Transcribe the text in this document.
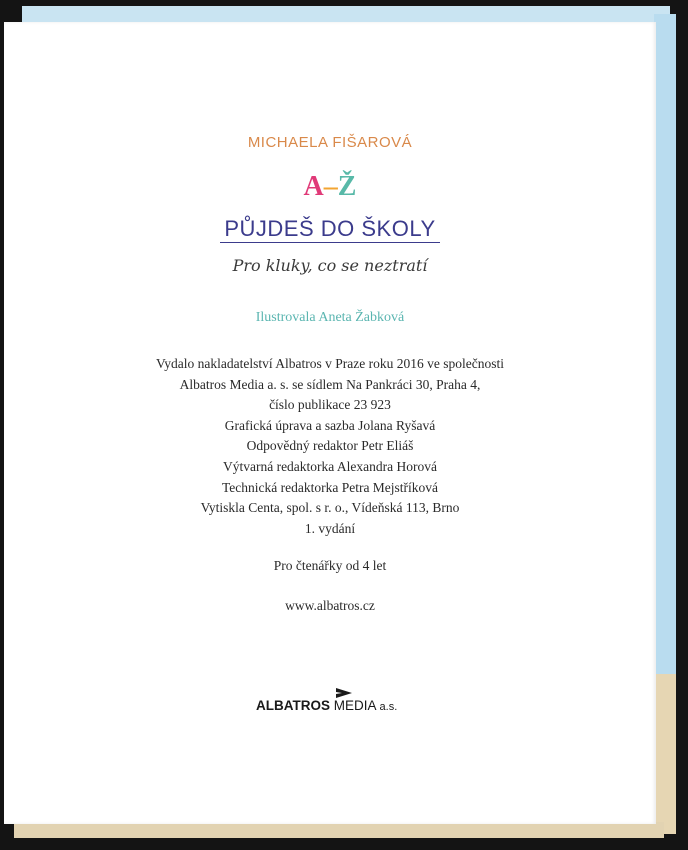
MICHAELA FIŠAROVÁ
A–Ž
PŮJDEŠ DO ŠKOLY
Pro kluky, co se neztratí
Ilustrovala Aneta Žabková
Vydalo nakladatelství Albatros v Praze roku 2016 ve společnosti
Albatros Media a. s. se sídlem Na Pankráci 30, Praha 4,
číslo publikace 23 923
Grafická úprava a sazba Jolana Ryšavá
Odpovědný redaktor Petr Eliáš
Výtvarná redaktorka Alexandra Horová
Technická redaktorka Petra Mejstříková
Vytiskla Centa, spol. s r. o., Vídeňská 113, Brno
1. vydání
Pro čtenářky od 4 let
www.albatros.cz
ALBATROS MEDIA a.s.
